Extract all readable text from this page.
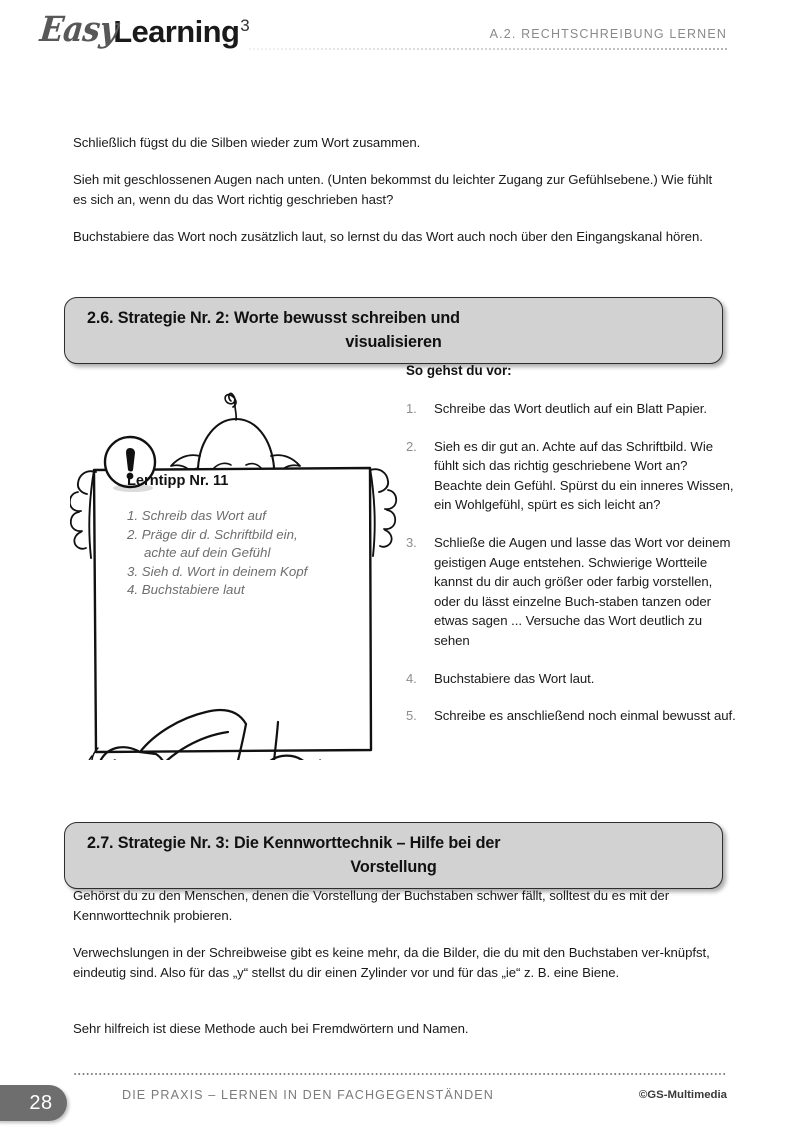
EasyLearning3	A.2. RECHTSCHREIBUNG LERNEN
Schließlich fügst du die Silben wieder zum Wort zusammen.
Sieh mit geschlossenen Augen nach unten. (Unten bekommst du leichter Zugang zur Gefühlsebene.) Wie fühlt es sich an, wenn du das Wort richtig geschrieben hast?
Buchstabiere das Wort noch zusätzlich laut, so lernst du das Wort auch noch über den Eingangskanal hören.
2.6. Strategie Nr. 2: Worte bewusst schreiben und
visualisieren
Lerntipp Nr. 11
1. Schreib das Wort auf
2. Präge dir d. Schriftbild ein,
achte auf dein Gefühl
3. Sieh d. Wort in deinem Kopf
4. Buchstabiere laut
So gehst du vor:
1. Schreibe das Wort deutlich auf ein Blatt Papier.
2. Sieh es dir gut an. Achte auf das Schriftbild. Wie fühlt sich das richtig geschriebene Wort an? Beachte dein Gefühl. Spürst du ein inneres Wissen, ein Wohlgefühl, spürt es sich leicht an?
3. Schließe die Augen und lasse das Wort vor deinem geistigen Auge entstehen. Schwierige Wortteile kannst du dir auch größer oder farbig vorstellen, oder du lässt einzelne Buch-staben tanzen oder etwas sagen ... Versuche das Wort deutlich zu sehen
4. Buchstabiere das Wort laut.
5. Schreibe es anschließend noch einmal bewusst auf.
2.7. Strategie Nr. 3: Die Kennworttechnik – Hilfe bei der
Vorstellung
Gehörst du zu den Menschen, denen die Vorstellung der Buchstaben schwer fällt, solltest du es mit der Kennworttechnik probieren.
Verwechslungen in der Schreibweise gibt es keine mehr, da die Bilder, die du mit den Buchstaben ver-knüpfst, eindeutig sind. Also für das „y“ stellst du dir einen Zylinder vor und für das „ie“ z. B. eine Biene.
Sehr hilfreich ist diese Methode auch bei Fremdwörtern und Namen.
28	DIE PRAXIS – LERNEN IN DEN FACHGEGENSTÄNDEN	©GS-Multimedia
